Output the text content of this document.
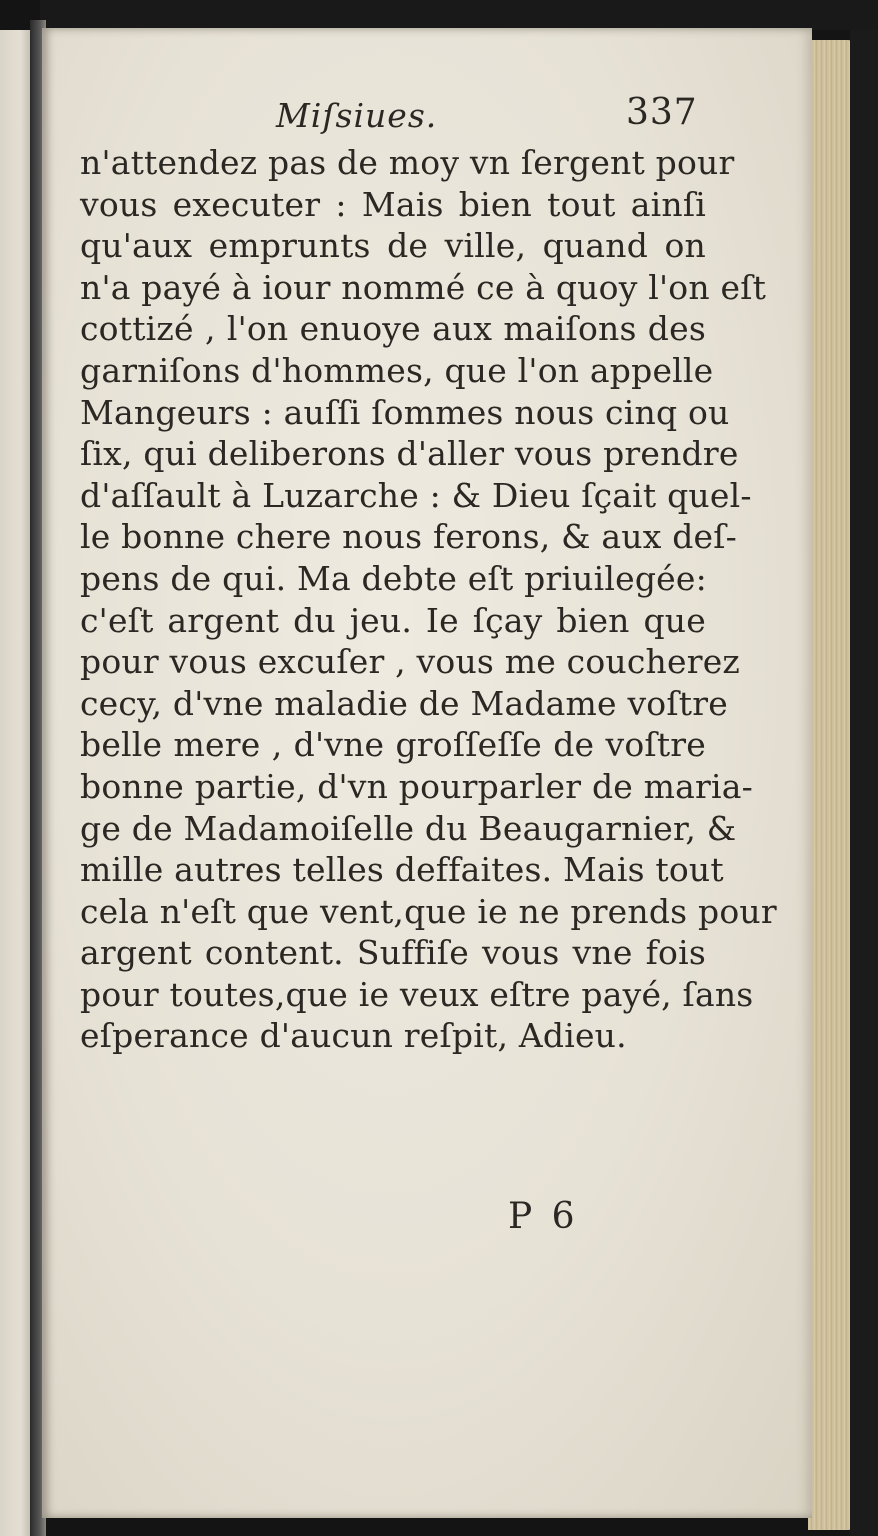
Miſsiues.	337
n'attendez pas de moy vn ſergent pour
vous executer : Mais bien tout ainſi
qu'aux emprunts de ville, quand on
n'a payé à iour nommé ce à quoy l'on eſt
cottizé , l'on enuoye aux maiſons des
garniſons d'hommes, que l'on appelle
Mangeurs : auſſi ſommes nous cinq ou
ſix, qui deliberons d'aller vous prendre
d'aſſault à Luzarche : & Dieu ſçait quel-
le bonne chere nous ferons, & aux deſ-
pens de qui. Ma debte eſt priuilegée:
c'eſt argent du jeu. Ie ſçay bien que
pour vous excuſer , vous me coucherez
cecy, d'vne maladie de Madame voſtre
belle mere , d'vne groſſeſſe de voſtre
bonne partie, d'vn pourparler de maria-
ge de Madamoiſelle du Beaugarnier, &
mille autres telles deffaites. Mais tout
cela n'eſt que vent,que ie ne prends pour
argent content. Suffiſe vous vne fois
pour toutes,que ie veux eſtre payé, ſans
eſperance d'aucun reſpit, Adieu.
P 6
